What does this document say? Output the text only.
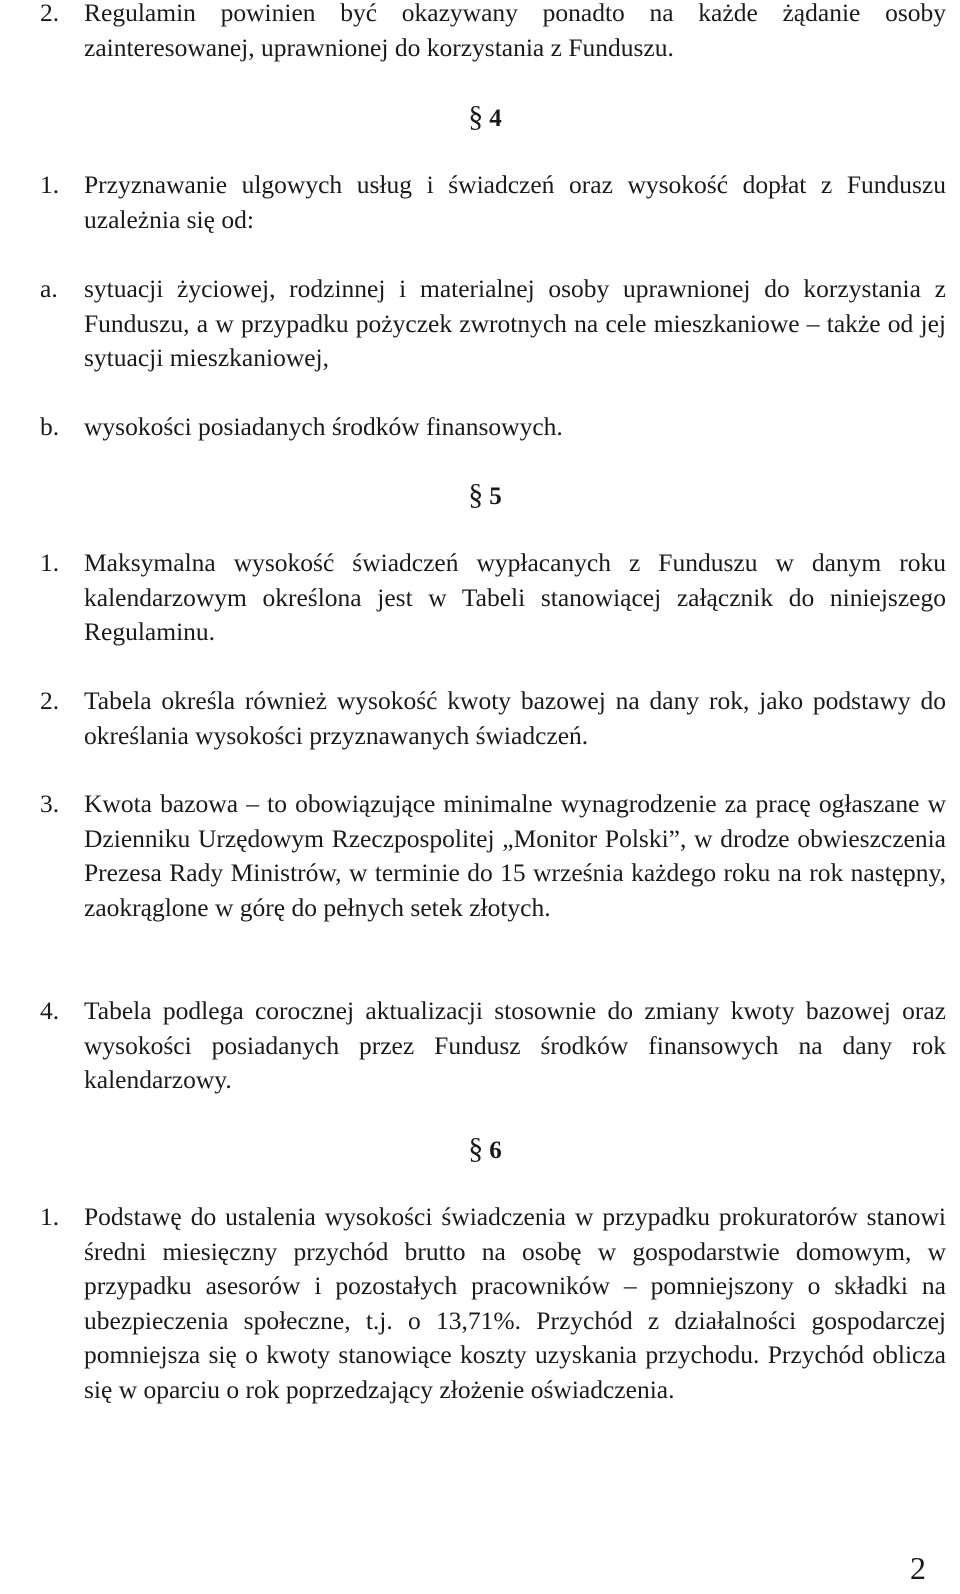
2. Regulamin powinien być okazywany ponadto na każde żądanie osoby zainteresowanej, uprawnionej do korzystania z Funduszu.
§ 4
1. Przyznawanie ulgowych usług i świadczeń oraz wysokość dopłat z Funduszu uzależnia się od:
a.	sytuacji życiowej, rodzinnej i materialnej osoby uprawnionej do korzystania z Funduszu, a w przypadku pożyczek zwrotnych na cele mieszkaniowe – także od jej sytuacji mieszkaniowej,
b. wysokości posiadanych środków finansowych.
§ 5
1. Maksymalna wysokość świadczeń wypłacanych z Funduszu w danym roku kalendarzowym określona jest w Tabeli stanowiącej załącznik do niniejszego Regulaminu.
2. Tabela określa również wysokość kwoty bazowej na dany rok, jako podstawy do określania wysokości przyznawanych świadczeń.
3. Kwota bazowa – to obowiązujące minimalne wynagrodzenie za pracę ogłaszane w Dzienniku Urzędowym Rzeczpospolitej „Monitor Polski”, w drodze obwieszczenia Prezesa Rady Ministrów, w terminie do 15 września każdego roku na rok następny, zaokrąglone w górę do pełnych setek złotych.
4. Tabela podlega corocznej aktualizacji stosownie do zmiany kwoty bazowej oraz wysokości posiadanych przez Fundusz środków finansowych na dany rok kalendarzowy.
§ 6
1. Podstawę do ustalenia wysokości świadczenia w przypadku prokuratorów stanowi średni miesięczny przychód brutto na osobę w gospodarstwie domowym, w przypadku asesorów i pozostałych pracowników – pomniejszony o składki na ubezpieczenia społeczne, t.j. o 13,71%. Przychód z działalności gospodarczej pomniejsza się o kwoty stanowiące koszty uzyskania przychodu. Przychód oblicza się w oparciu o rok poprzedzający złożenie oświadczenia.
2
